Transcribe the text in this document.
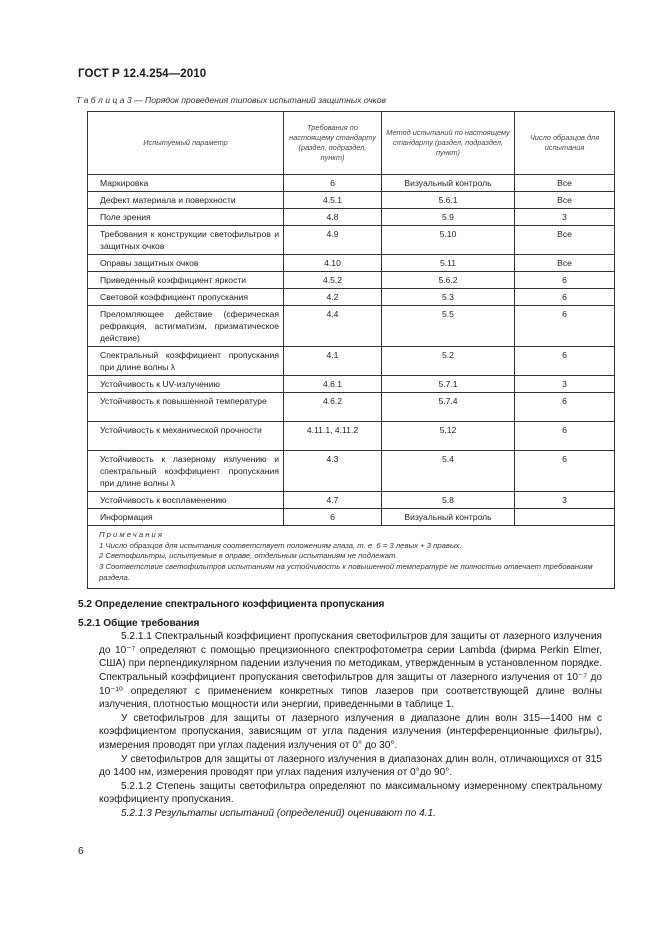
ГОСТ Р 12.4.254—2010
Т а б л и ц а 3 — Порядок проведения типовых испытаний защитных очков
Испытуемый параметр	Требования по настоящему стандарту (раздел, подраздел, пункт)	Метод испытаний по настоящему стандарту (раздел, подраздел, пункт)	Число образцов для испытания
Маркировка	6	Визуальный контроль	Все
Дефект материала и поверхности	4.5.1	5.6.1	Все
Поле зрения	4.8	5.9	3
Требования к конструкции светофильтров и защитных очков	4.9	5.10	Все
Оправы защитных очков	4.10	5.11	Все
Приведенный коэффициент яркости	4.5.2	5.6.2	6
Световой коэффициент пропускания	4.2	5.3	6
Преломляющее действие (сферическая рефракция, астигматизм, призматическое действие)	4.4	5.5	6
Спектральный коэффициент пропускания при длине волны λ	4.1	5.2	6
Устойчивость к UV-излучению	4.6.1	5.7.1	3
Устойчивость к повышенной температуре	4.6.2	5.7.4	6
Устойчивость к механической прочности	4.11.1, 4.11.2	5.12	6
Устойчивость к лазерному излучению и спектральный коэффициент пропускания при длине волны λ	4.3	5.4	6
Устойчивость к воспламенению	4.7	5.8	3
Информация	6	Визуальный контроль	

Примечания
1 Число образцов для испытания соответствует положениям глаза, т. е. 6 = 3 левых + 3 правых.
2 Светофильтры, испытуемые в оправе, отдельным испытаниям не подлежат.
3 Соответствие светофильтров испытаниям на устойчивость к повышенной температуре не полностью отвечает требованиям раздела.			
5.2 Определение спектрального коэффициента пропускания
5.2.1 Общие требования

5.2.1.1 Спектральный коэффициент пропускания светофильтров для защиты от лазерного излучения до 10⁻⁷ определяют с помощью прецизионного спектрофотометра серии Lambda (фирма Perkin Elmer, США) при перпендикулярном падении излучения по методикам, утвержденным в установленном порядке. Спектральный коэффициент пропускания светофильтров для защиты от лазерного излучения от 10⁻⁷ до 10⁻¹⁰ определяют с применением конкретных типов лазеров при соответствующей длине волны излучения, плотностью мощности или энергии, приведенными в таблице 1.

У светофильтров для защиты от лазерного излучения в диапазоне длин волн 315—1400 нм с коэффициентом пропускания, зависящим от угла падения излучения (интерференционные фильтры), измерения проводят при углах падения излучения от 0° до 30°.

У светофильтров для защиты от лазерного излучения в диапазонах длин волн, отличающихся от 315 до 1400 нм, измерения проводят при углах падения излучения от 0°до 90°.

5.2.1.2 Степень защиты светофильтра определяют по максимальному измеренному спектральному коэффициенту пропускания.

5.2.1.3 Результаты испытаний (определений) оценивают по 4.1.

6
